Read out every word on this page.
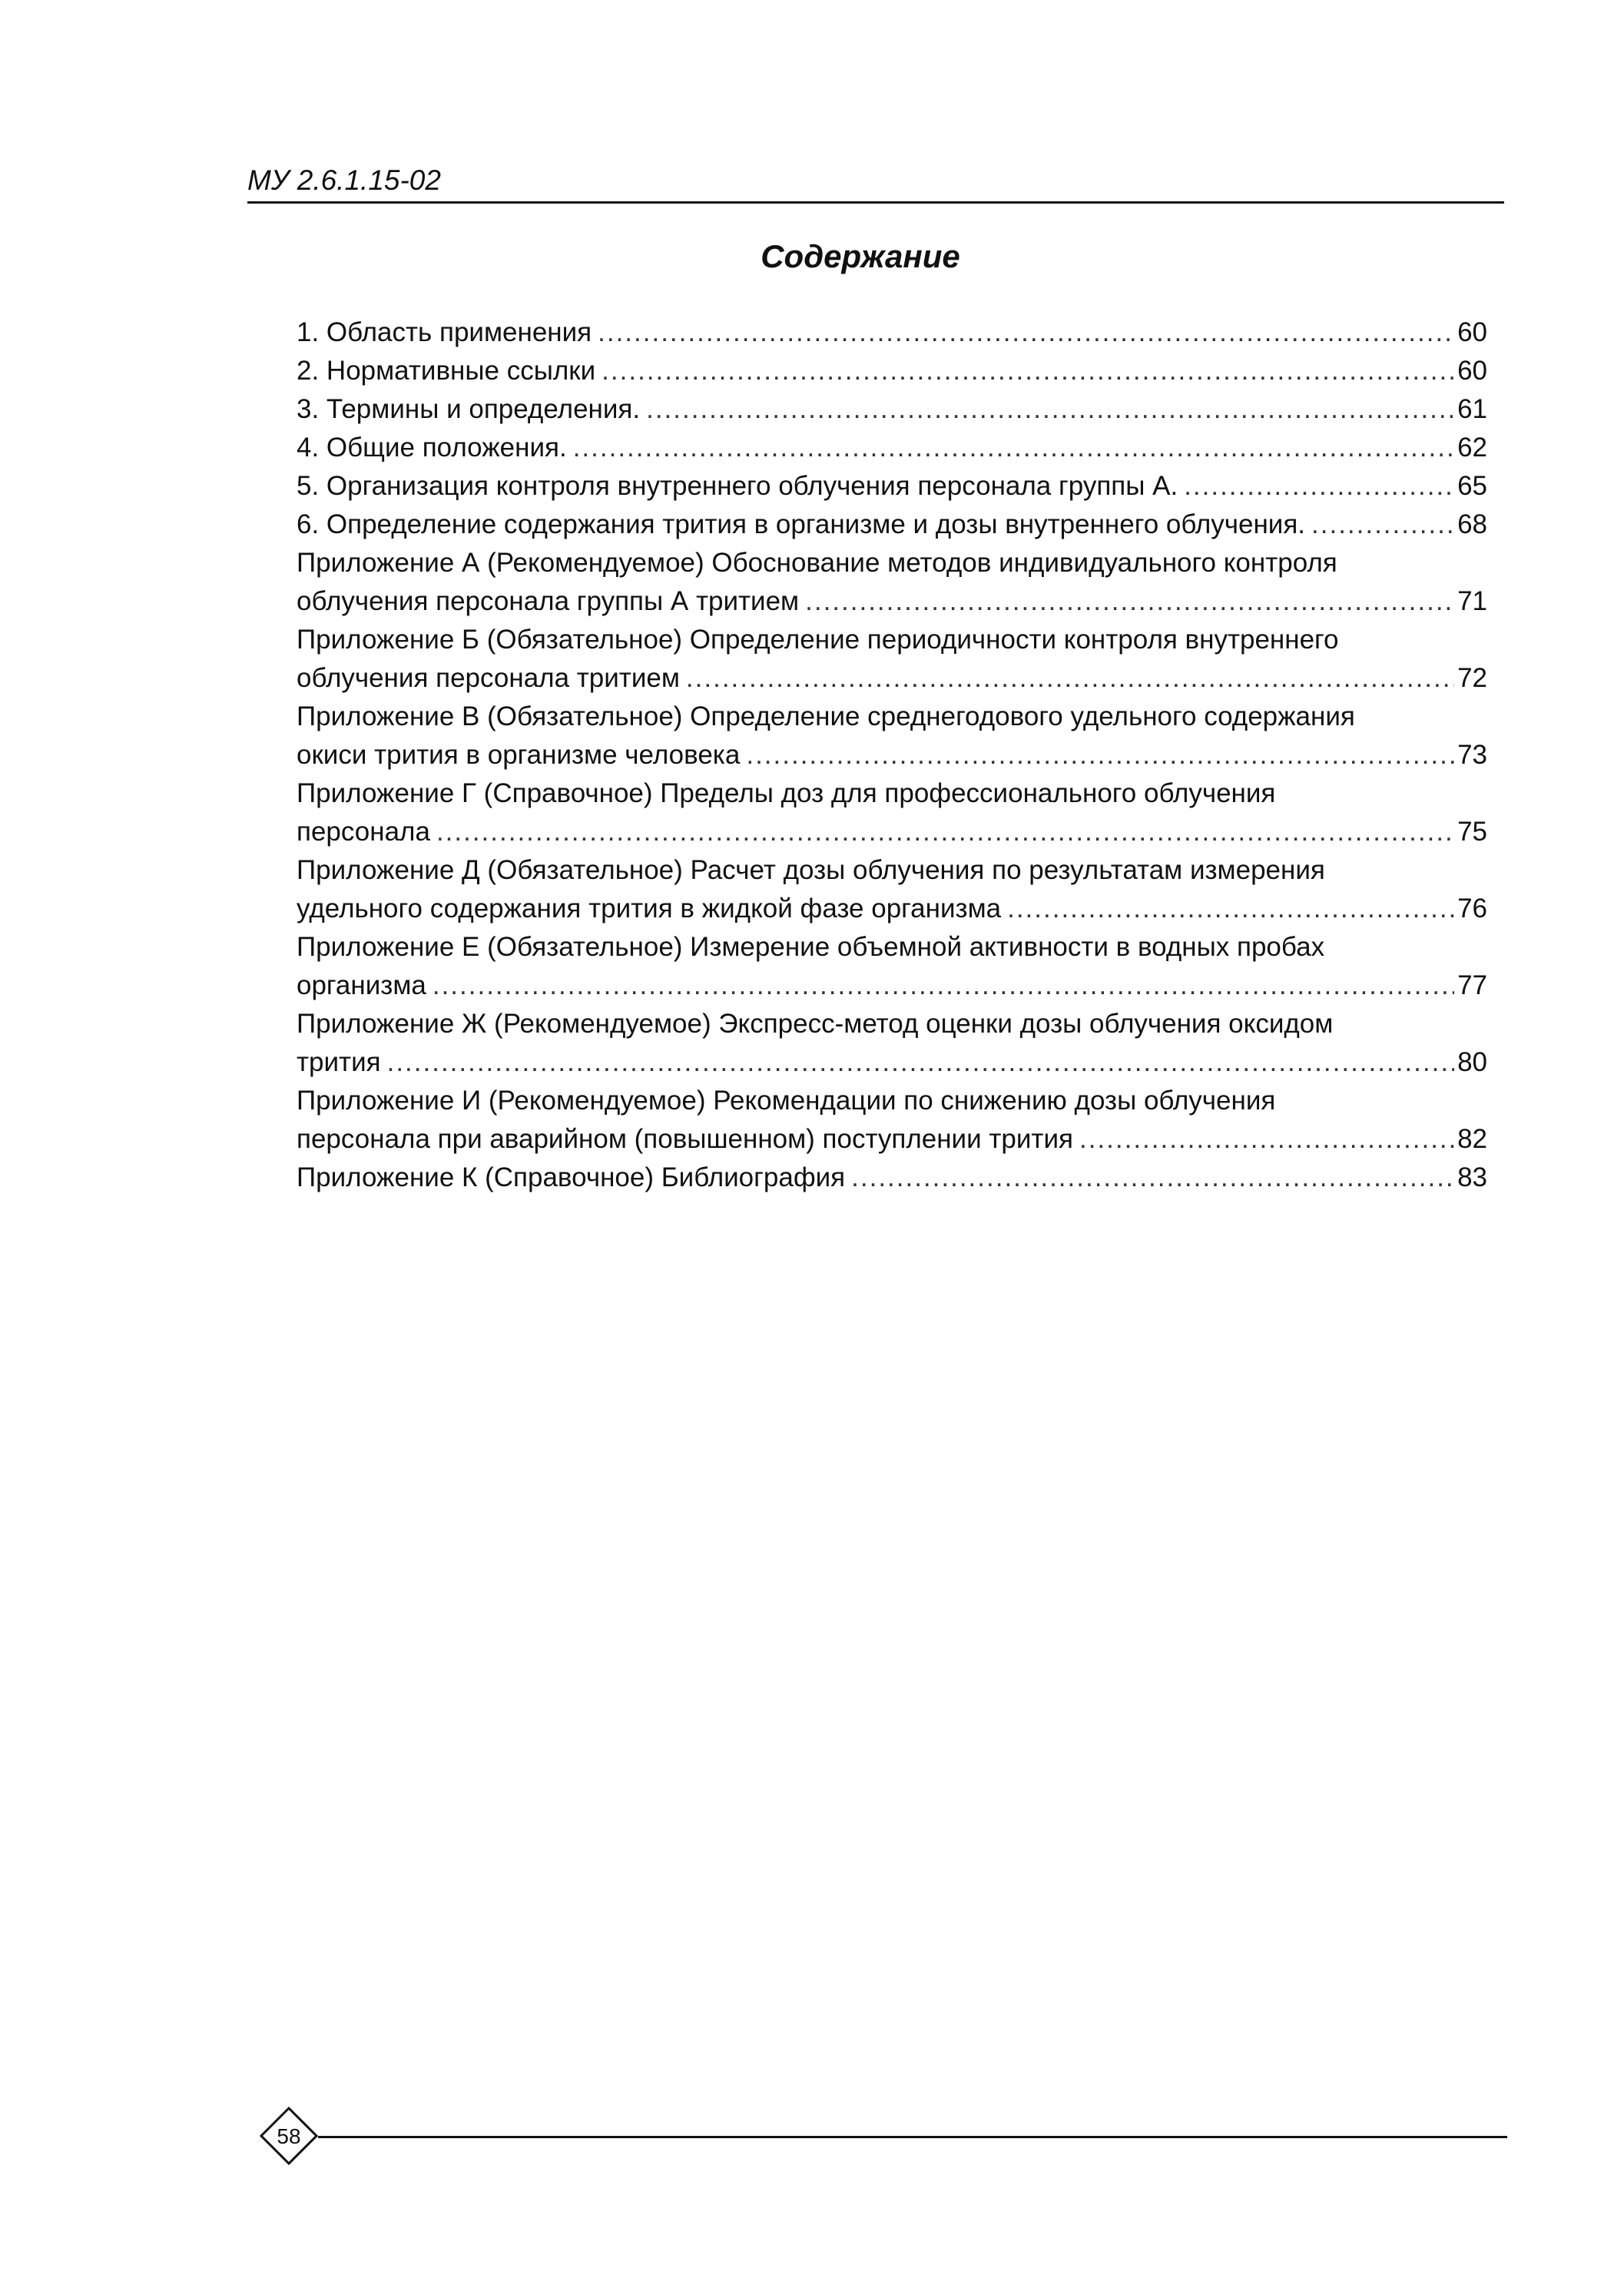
МУ 2.6.1.15-02
Содержание
1. Область применения .....	60
2. Нормативные ссылки .....	60
3. Термины и определения. .....	61
4. Общие положения. .....	62
5. Организация контроля внутреннего облучения персонала группы А. .....	65
6. Определение содержания трития в организме и дозы внутреннего облучения. .....	68
Приложение А (Рекомендуемое) Обоснование методов индивидуального контроля
облучения персонала группы А тритием .....	71
Приложение Б (Обязательное) Определение периодичности контроля внутреннего
облучения персонала тритием .....	72
Приложение В (Обязательное) Определение среднегодового удельного содержания
окиси трития в организме человека .....	73
Приложение Г (Справочное) Пределы доз для профессионального облучения
персонала .....	75
Приложение Д (Обязательное) Расчет дозы облучения по результатам измерения
удельного содержания трития в жидкой фазе организма .....	76
Приложение Е (Обязательное) Измерение объемной активности в водных пробах
организма .....	77
Приложение Ж (Рекомендуемое) Экспресс-метод оценки дозы облучения оксидом
трития .....	80
Приложение И (Рекомендуемое) Рекомендации по снижению дозы облучения
персонала при аварийном (повышенном) поступлении трития .....	82
Приложение К (Справочное) Библиография .....	83
58
